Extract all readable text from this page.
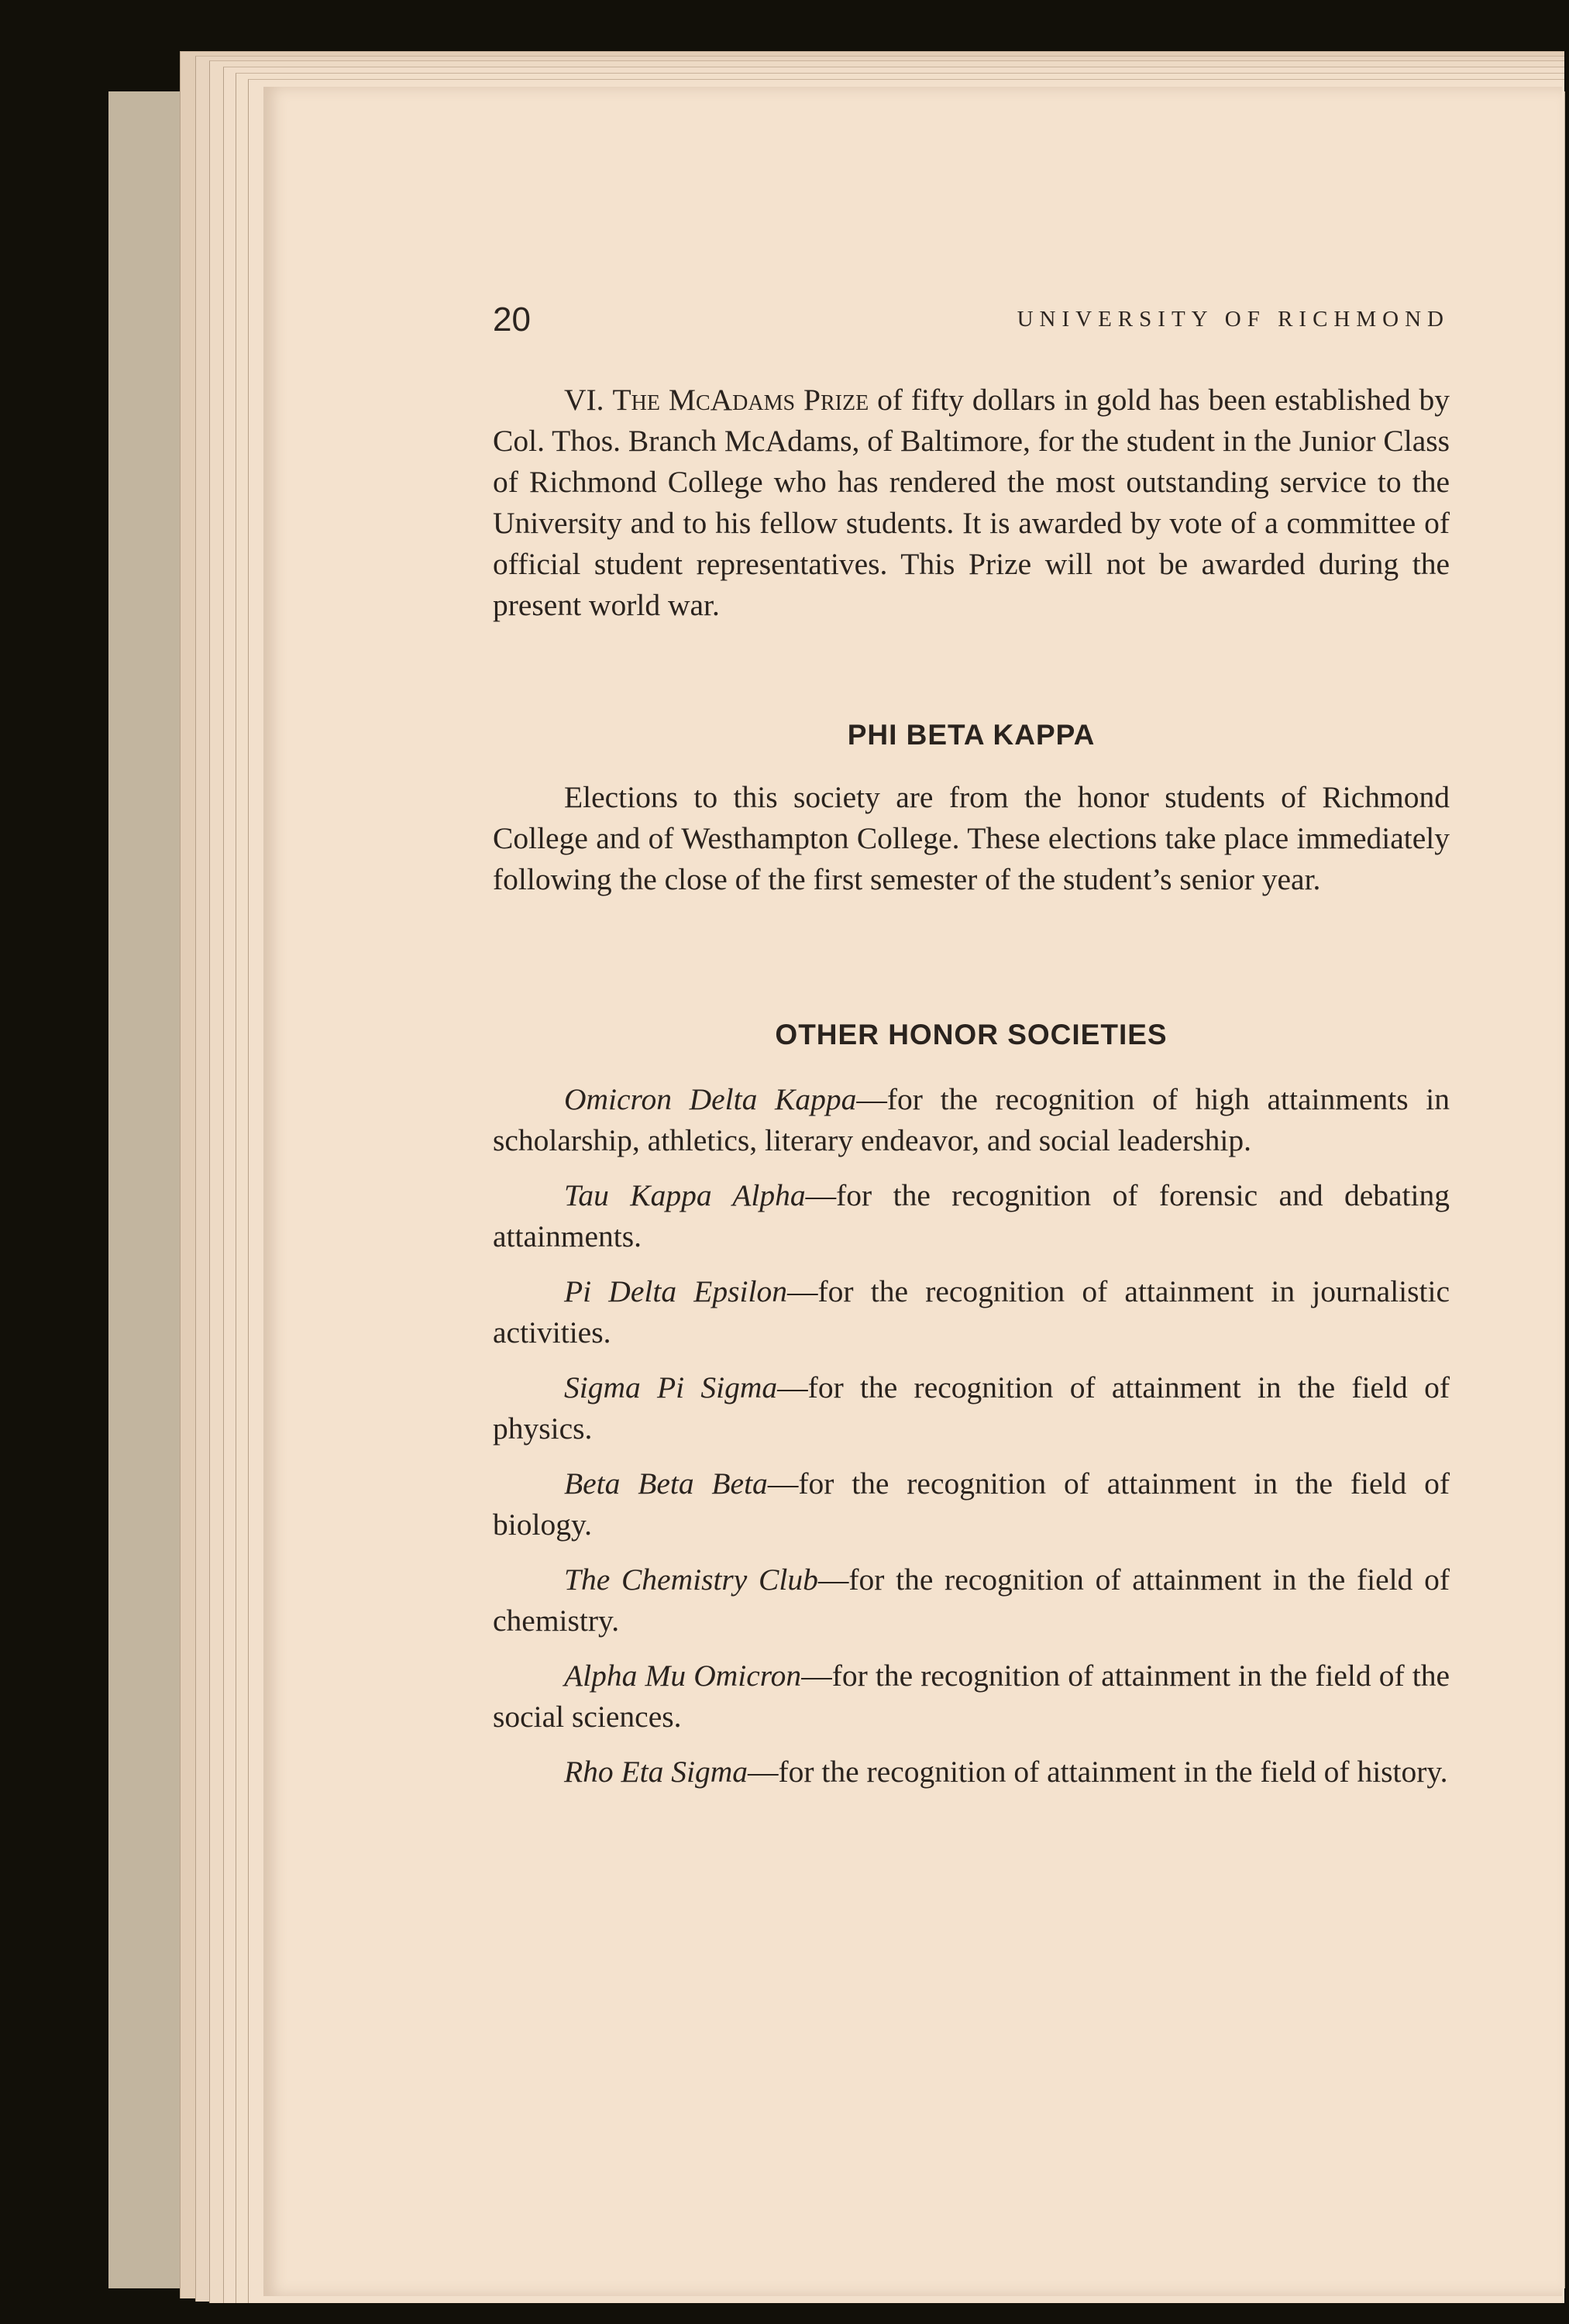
20	UNIVERSITY OF RICHMOND

VI. The McAdams Prize of fifty dollars in gold has been established by Col. Thos. Branch McAdams, of Baltimore, for the student in the Junior Class of Richmond College who has rendered the most outstanding service to the University and to his fellow students. It is awarded by vote of a committee of official student representatives. This Prize will not be awarded during the present world war.

PHI BETA KAPPA

Elections to this society are from the honor students of Richmond College and of Westhampton College. These elections take place immediately following the close of the first semester of the student’s senior year.

OTHER HONOR SOCIETIES

Omicron Delta Kappa—for the recognition of high attainments in scholarship, athletics, literary endeavor, and social leadership.

Tau Kappa Alpha—for the recognition of forensic and debating attainments.

Pi Delta Epsilon—for the recognition of attainment in journalistic activities.

Sigma Pi Sigma—for the recognition of attainment in the field of physics.

Beta Beta Beta—for the recognition of attainment in the field of biology.

The Chemistry Club—for the recognition of attainment in the field of chemistry.

Alpha Mu Omicron—for the recognition of attainment in the field of the social sciences.

Rho Eta Sigma—for the recognition of attainment in the field of history.
